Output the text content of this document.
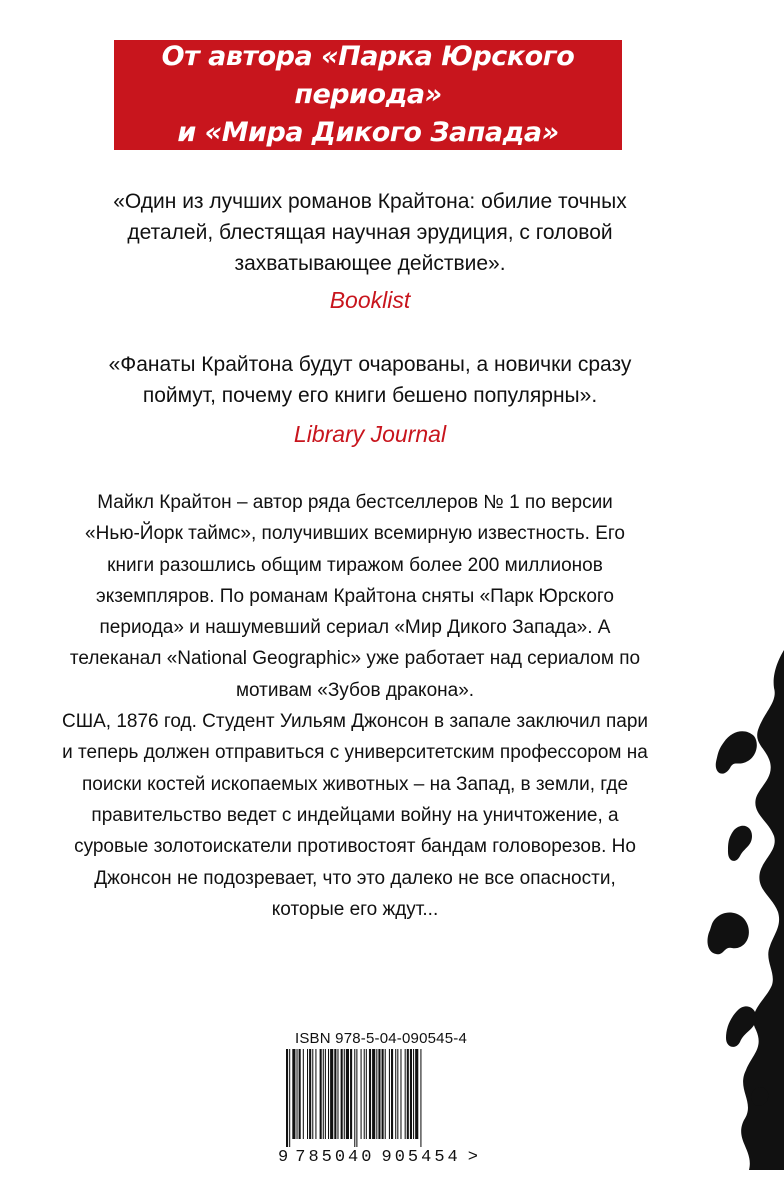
От автора «Парка Юрского периода»
и «Мира Дикого Запада»
«Один из лучших романов Крайтона: обилие точных
деталей, блестящая научная эрудиция, с головой
захватывающее действие».
Booklist
«Фанаты Крайтона будут очарованы, а новички сразу
поймут, почему его книги бешено популярны».
Library Journal

Майкл Крайтон – автор ряда бестселлеров № 1 по версии
«Нью-Йорк таймс», получивших всемирную известность. Его
книги разошлись общим тиражом более 200 миллионов
экземпляров. По романам Крайтона сняты «Парк Юрского
периода» и нашумевший сериал «Мир Дикого Запада». А
телеканал «National Geographic» уже работает над сериалом по
мотивам «Зубов дракона».

США, 1876 год. Студент Уильям Джонсон в запале заключил пари
и теперь должен отправиться с университетским профессором на
поиски костей ископаемых животных – на Запад, в земли, где
правительство ведет с индейцами войну на уничтожение, а
суровые золотоискатели противостоят бандам головорезов. Но
Джонсон не подозревает, что это далеко не все опасности,
которые его ждут...

ISBN 978-5-04-090545-4
9 785040 905454 >
